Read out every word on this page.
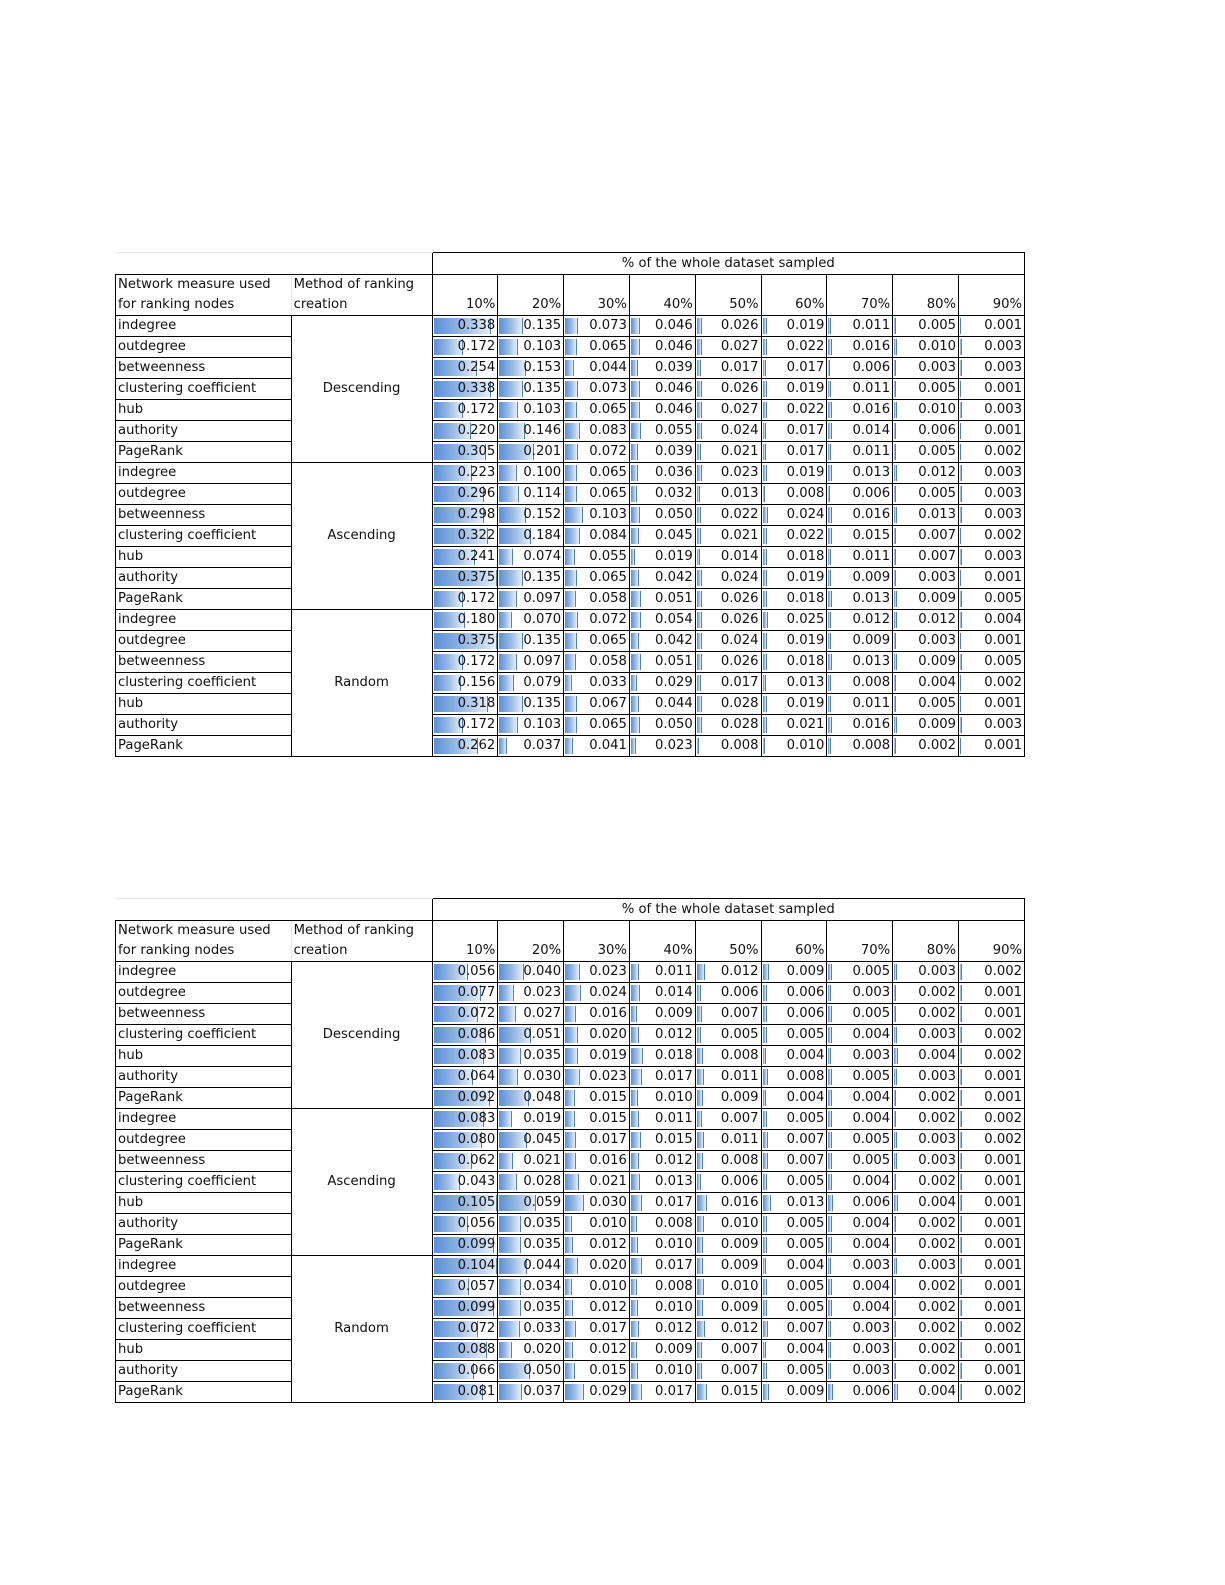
		% of the whole dataset sampled								
Network measure used	Method of ranking	10%	20%	30%	40%	50%	60%	70%	80%	90%
for ranking nodes	creation									
indegree	Descending	0.338	0.135	0.073	0.046	0.026	0.019	0.011	0.005	0.001
outdegree		0.172	0.103	0.065	0.046	0.027	0.022	0.016	0.010	0.003
betweenness		0.254	0.153	0.044	0.039	0.017	0.017	0.006	0.003	0.003
clustering coefficient		0.338	0.135	0.073	0.046	0.026	0.019	0.011	0.005	0.001
hub		0.172	0.103	0.065	0.046	0.027	0.022	0.016	0.010	0.003
authority		0.220	0.146	0.083	0.055	0.024	0.017	0.014	0.006	0.001
PageRank		0.305	0.201	0.072	0.039	0.021	0.017	0.011	0.005	0.002
indegree	Ascending	0.223	0.100	0.065	0.036	0.023	0.019	0.013	0.012	0.003
outdegree		0.296	0.114	0.065	0.032	0.013	0.008	0.006	0.005	0.003
betweenness		0.298	0.152	0.103	0.050	0.022	0.024	0.016	0.013	0.003
clustering coefficient		0.322	0.184	0.084	0.045	0.021	0.022	0.015	0.007	0.002
hub		0.241	0.074	0.055	0.019	0.014	0.018	0.011	0.007	0.003
authority		0.375	0.135	0.065	0.042	0.024	0.019	0.009	0.003	0.001
PageRank		0.172	0.097	0.058	0.051	0.026	0.018	0.013	0.009	0.005
indegree	Random	0.180	0.070	0.072	0.054	0.026	0.025	0.012	0.012	0.004
outdegree		0.375	0.135	0.065	0.042	0.024	0.019	0.009	0.003	0.001
betweenness		0.172	0.097	0.058	0.051	0.026	0.018	0.013	0.009	0.005
clustering coefficient		0.156	0.079	0.033	0.029	0.017	0.013	0.008	0.004	0.002
hub		0.318	0.135	0.067	0.044	0.028	0.019	0.011	0.005	0.001
authority		0.172	0.103	0.065	0.050	0.028	0.021	0.016	0.009	0.003
PageRank		0.262	0.037	0.041	0.023	0.008	0.010	0.008	0.002	0.001
		% of the whole dataset sampled								
Network measure used	Method of ranking	10%	20%	30%	40%	50%	60%	70%	80%	90%
for ranking nodes	creation									
indegree	Descending	0.056	0.040	0.023	0.011	0.012	0.009	0.005	0.003	0.002
outdegree		0.077	0.023	0.024	0.014	0.006	0.006	0.003	0.002	0.001
betweenness		0.072	0.027	0.016	0.009	0.007	0.006	0.005	0.002	0.001
clustering coefficient		0.086	0.051	0.020	0.012	0.005	0.005	0.004	0.003	0.002
hub		0.083	0.035	0.019	0.018	0.008	0.004	0.003	0.004	0.002
authority		0.064	0.030	0.023	0.017	0.011	0.008	0.005	0.003	0.001
PageRank		0.092	0.048	0.015	0.010	0.009	0.004	0.004	0.002	0.001
indegree	Ascending	0.083	0.019	0.015	0.011	0.007	0.005	0.004	0.002	0.002
outdegree		0.080	0.045	0.017	0.015	0.011	0.007	0.005	0.003	0.002
betweenness		0.062	0.021	0.016	0.012	0.008	0.007	0.005	0.003	0.001
clustering coefficient		0.043	0.028	0.021	0.013	0.006	0.005	0.004	0.002	0.001
hub		0.105	0.059	0.030	0.017	0.016	0.013	0.006	0.004	0.001
authority		0.056	0.035	0.010	0.008	0.010	0.005	0.004	0.002	0.001
PageRank		0.099	0.035	0.012	0.010	0.009	0.005	0.004	0.002	0.001
indegree	Random	0.104	0.044	0.020	0.017	0.009	0.004	0.003	0.003	0.001
outdegree		0.057	0.034	0.010	0.008	0.010	0.005	0.004	0.002	0.001
betweenness		0.099	0.035	0.012	0.010	0.009	0.005	0.004	0.002	0.001
clustering coefficient		0.072	0.033	0.017	0.012	0.012	0.007	0.003	0.002	0.002
hub		0.088	0.020	0.012	0.009	0.007	0.004	0.003	0.002	0.001
authority		0.066	0.050	0.015	0.010	0.007	0.005	0.003	0.002	0.001
PageRank		0.081	0.037	0.029	0.017	0.015	0.009	0.006	0.004	0.002
